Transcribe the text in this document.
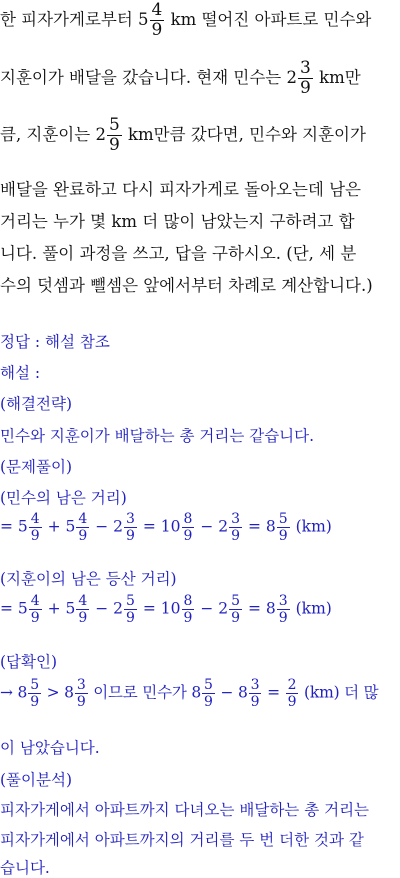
한 피자가게로부터 $5 \frac{4}{9}$ km 떨어진 아파트로 민수와
지훈이가 배달을 갔습니다. 현재 민수는 $2 \frac{3}{9}$ km만
큼, 지훈이는 $2 \frac{5}{9}$ km만큼 갔다면, 민수와 지훈이가
배달을 완료하고 다시 피자가게로 돌아오는데 남은
거리는 누가 몇 km 더 많이 남았는지 구하려고 합
니다. 풀이 과정을 쓰고, 답을 구하시오. (단, 세 분
수의 덧셈과 뺄셈은 앞에서부터 차례로 계산합니다.)
정답 : 해설 참조
해설 :
(해결전략)
민수와 지훈이가 배달하는 총 거리는 같습니다.
(문제풀이)
(민수의 남은 거리)
= $5 \frac{4}{9} + 5 \frac{4}{9} - 2 \frac{3}{9} = 10 \frac{8}{9} - 2 \frac{3}{9} = 8 \frac{5}{9} (km)$
(지훈이의 남은 등산 거리)
= $5 \frac{4}{9} + 5 \frac{4}{9} - 2 \frac{5}{9} = 10 \frac{8}{9} - 2 \frac{5}{9} = 8 \frac{3}{9} (km)$
(답확인)
→ $8 \frac{5}{9} > 8 \frac{3}{9}$ 이므로 민수가 $8 \frac{5}{9} - 8 \frac{3}{9} = \frac{2}{9} (km)$ 더 많
이 남았습니다.
(풀이분석)
피자가게에서 아파트까지 다녀오는 배달하는 총 거리는
피자가게에서 아파트까지의 거리를 두 번 더한 것과 같
습니다.
